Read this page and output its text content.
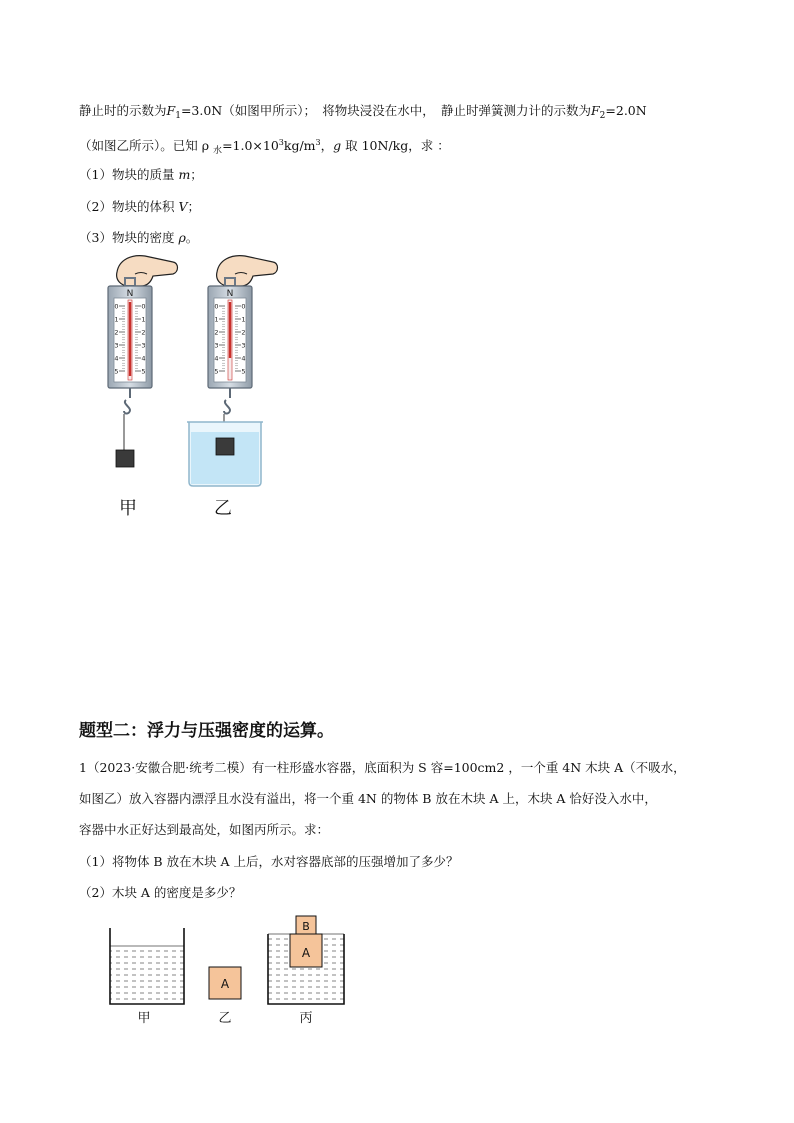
静止时的示数为$F_1=3.0N$（如图甲所示）；　将物块浸没在水中，　静止时弹簧测力计的示数为$F_2=2.0N$
（如图乙所示）。已知 ρ $_水=1.0\times 10^3kg/m^3$，g 取 10N/kg，求 ：
（1）物块的质量 m；
（2）物块的体积 V；
（3）物块的密度 ρ。
N
0	0
1	1
2	2
3	3
4	4
5	5
甲
N
0	0
1	1
2	2
3	3
4	4
5	5
乙
题型二：浮力与压强密度的运算。
1（2023·安徽合肥·统考二模）有一柱形盛水容器，底面积为 S 容=100cm2 ，一个重 4N 木块 A（不吸水，
如图乙）放入容器内漂浮且水没有溢出，将一个重 4N 的物体 B 放在木块 A 上，木块 A 恰好没入水中，
容器中水正好达到最高处，如图丙所示。求：
（1）将物体 B 放在木块 A 上后，水对容器底部的压强增加了多少？
（2）木块 A 的密度是多少？
甲
A
乙
A
B
丙
